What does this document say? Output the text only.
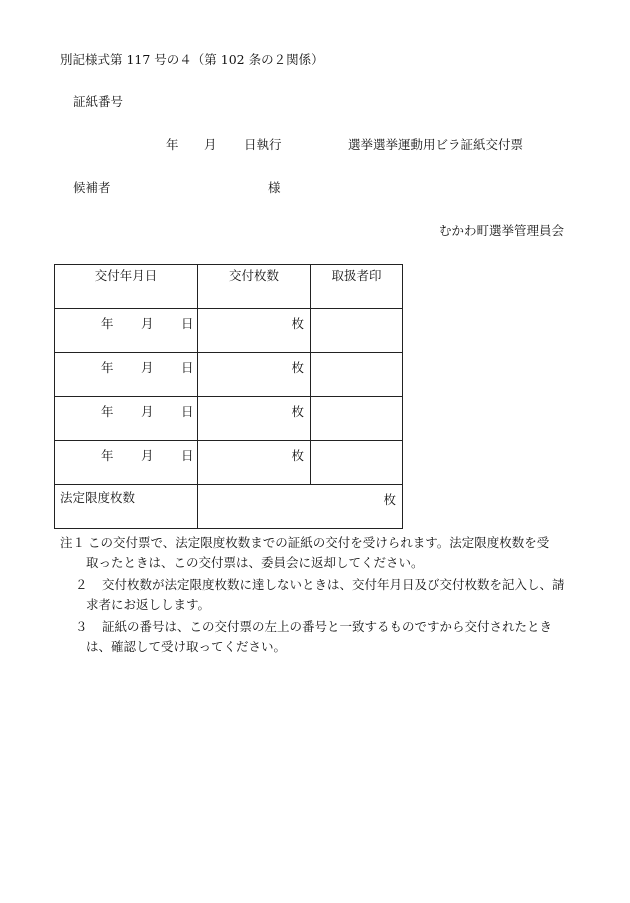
別記様式第 117 号の４（第 102 条の２関係）
証紙番号
年 月 日執行	選挙選挙運動用ビラ証紙交付票
候補者	様
むかわ町選挙管理員会
交付年月日	交付枚数	取扱者印

年 月 日	枚	

年 月 日	枚	

年 月 日	枚	

年 月 日	枚	

法定限度枚数	枚	
注１ この交付票で、法定限度枚数までの証紙の交付を受けられます。法定限度枚数を受
取ったときは、この交付票は、委員会に返却してください。
２	交付枚数が法定限度枚数に達しないときは、交付年月日及び交付枚数を記入し、請
求者にお返しします。
３	証紙の番号は、この交付票の左上の番号と一致するものですから交付されたとき
は、確認して受け取ってください。
